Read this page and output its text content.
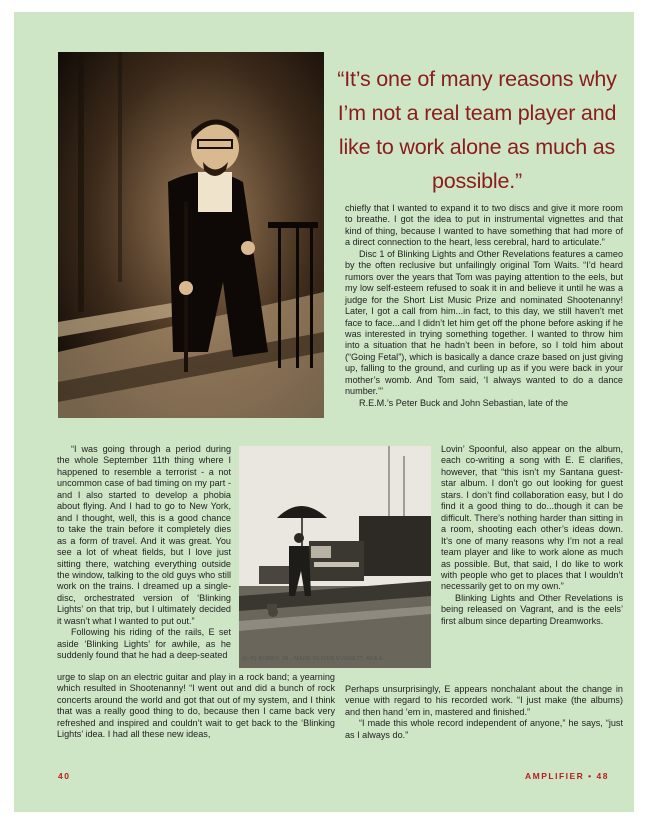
“It’s one of many reasons why I’m not a real team player and like to work alone as much as possible.”

chiefly that I wanted to expand it to two discs and give it more room to breathe. I got the idea to put in instrumental vignettes and that kind of thing, because I wanted to have something that had more of a direct connection to the heart, less cerebral, hard to articulate.”

Disc 1 of Blinking Lights and Other Revelations features a cameo by the often reclusive but unfailingly original Tom Waits. “I’d heard rumors over the years that Tom was paying attention to the eels, but my low self-esteem refused to soak it in and believe it until he was a judge for the Short List Music Prize and nominated Shootenanny! Later, I got a call from him...in fact, to this day, we still haven’t met face to face...and I didn’t let him get off the phone before asking if he was interested in trying something together. I wanted to throw him into a situation that he hadn’t been in before, so I told him about (“Going Fetal”), which is basically a dance craze based on just giving up, falling to the ground, and curling up as if you were back in your mother’s womb. And Tom said, ‘I always wanted to do a dance number.’”

R.E.M.’s Peter Buck and John Sebastian, late of the

Lovin’ Spoonful, also appear on the album, each co-writing a song with E. E clarifies, however, that “this isn’t my Santana guest-star album. I don’t go out looking for guest stars. I don’t find collaboration easy, but I do find it a good thing to do...though it can be difficult. There’s nothing harder than sitting in a room, shooting each other’s ideas down. It’s one of many reasons why I’m not a real team player and like to work alone as much as possible. But, that said, I do like to work with people who get to places that I wouldn’t necessarily get to on my own.”

Blinking Lights and Other Revelations is being released on Vagrant, and is the eels’ first album since departing Dreamworks.

Perhaps unsurprisingly, E appears nonchalant about the change in venue with regard to his recorded work. “I just make (the albums) and then hand ’em in, mastered and finished.”

“I made this whole record independent of anyone,” he says, “just as I always do.”

“I was going through a period during the whole September 11th thing where I happened to resemble a terrorist - a not uncommon case of bad timing on my part - and I also started to develop a phobia about flying. And I had to go to New York, and I thought, well, this is a good chance to take the train before it completely dies as a form of travel. And it was great. You see a lot of wheat fields, but I love just sitting there, watching everything outside the window, talking to the old guys who still work on the trains. I dreamed up a single-disc, orchestrated version of ‘Blinking Lights’ on that trip, but I ultimately decided it wasn’t what I wanted to put out.”

Following his riding of the rails, E set aside ‘Blinking Lights’ for awhile, as he suddenly found that he had a deep-seated

urge to slap on an electric guitar and play in a rock band; a yearning which resulted in Shootenanny! “I went out and did a bunch of rock concerts around the world and got that out of my system, and I think that was a really good thing to do, because then I came back very refreshed and inspired and couldn’t wait to get back to the ‘Blinking Lights’ idea. I had all these new ideas,

(L-R) BOBBY, JR., MARK OLIVER EVERETT, AKA E
40	AMPLIFIER • 48
